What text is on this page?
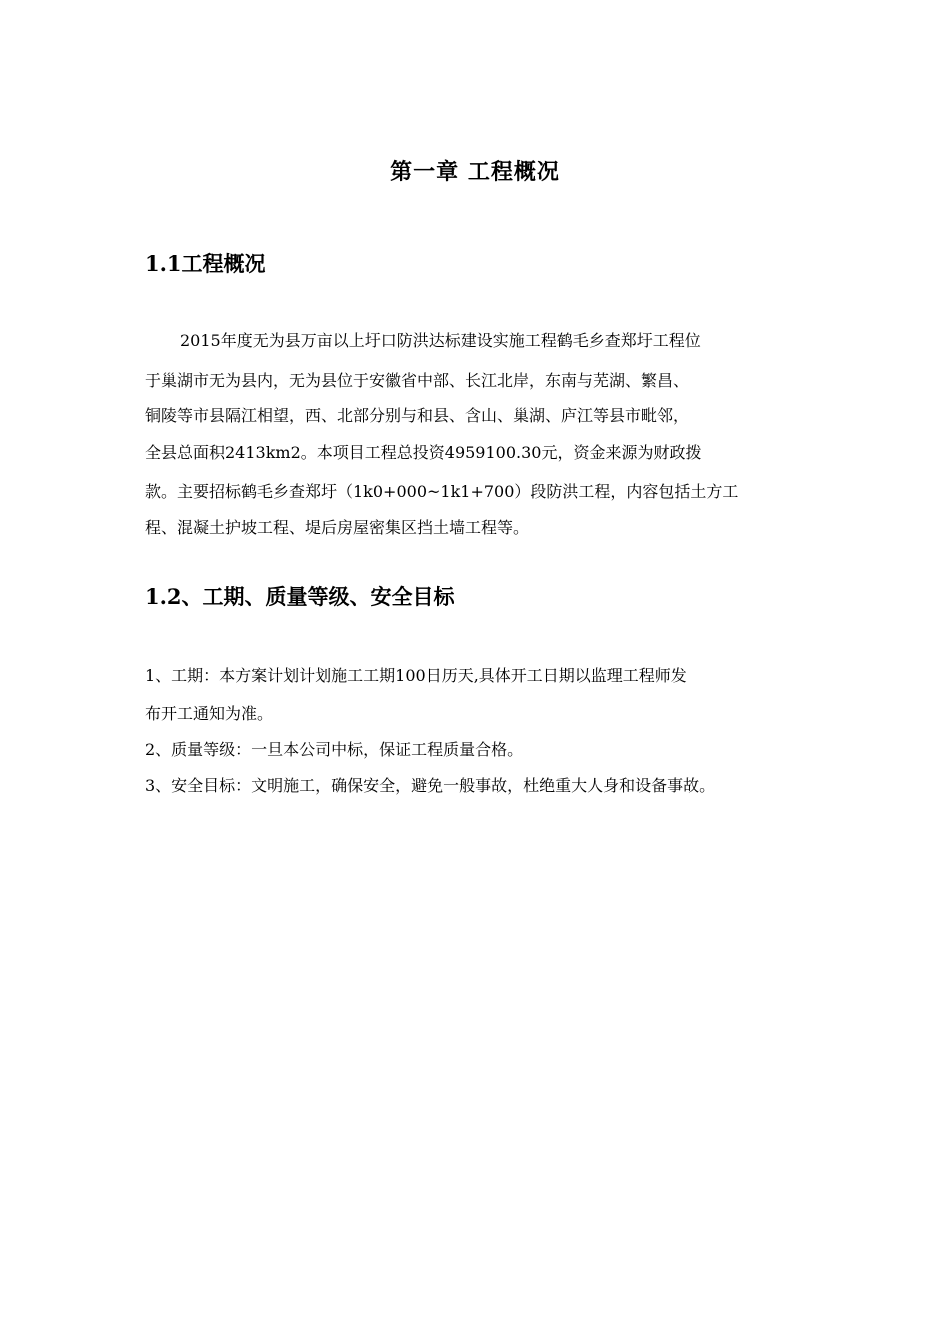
第一章 工程概况
1.1工程概况
2015年度无为县万亩以上圩口防洪达标建设实施工程鹤毛乡查郑圩工程位
于巢湖市无为县内，无为县位于安徽省中部、长江北岸，东南与芜湖、繁昌、
铜陵等市县隔江相望，西、北部分别与和县、含山、巢湖、庐江等县市毗邻，
全县总面积2413km2。本项目工程总投资4959100.30元，资金来源为财政拨
款。主要招标鹤毛乡查郑圩（1k0+000~1k1+700）段防洪工程，内容包括土方工
程、混凝土护坡工程、堤后房屋密集区挡土墙工程等。
1.2、工期、质量等级、安全目标
1、工期：本方案计划计划施工工期100日历天,具体开工日期以监理工程师发
布开工通知为准。
2、质量等级：一旦本公司中标，保证工程质量合格。
3、安全目标：文明施工，确保安全，避免一般事故，杜绝重大人身和设备事故。
